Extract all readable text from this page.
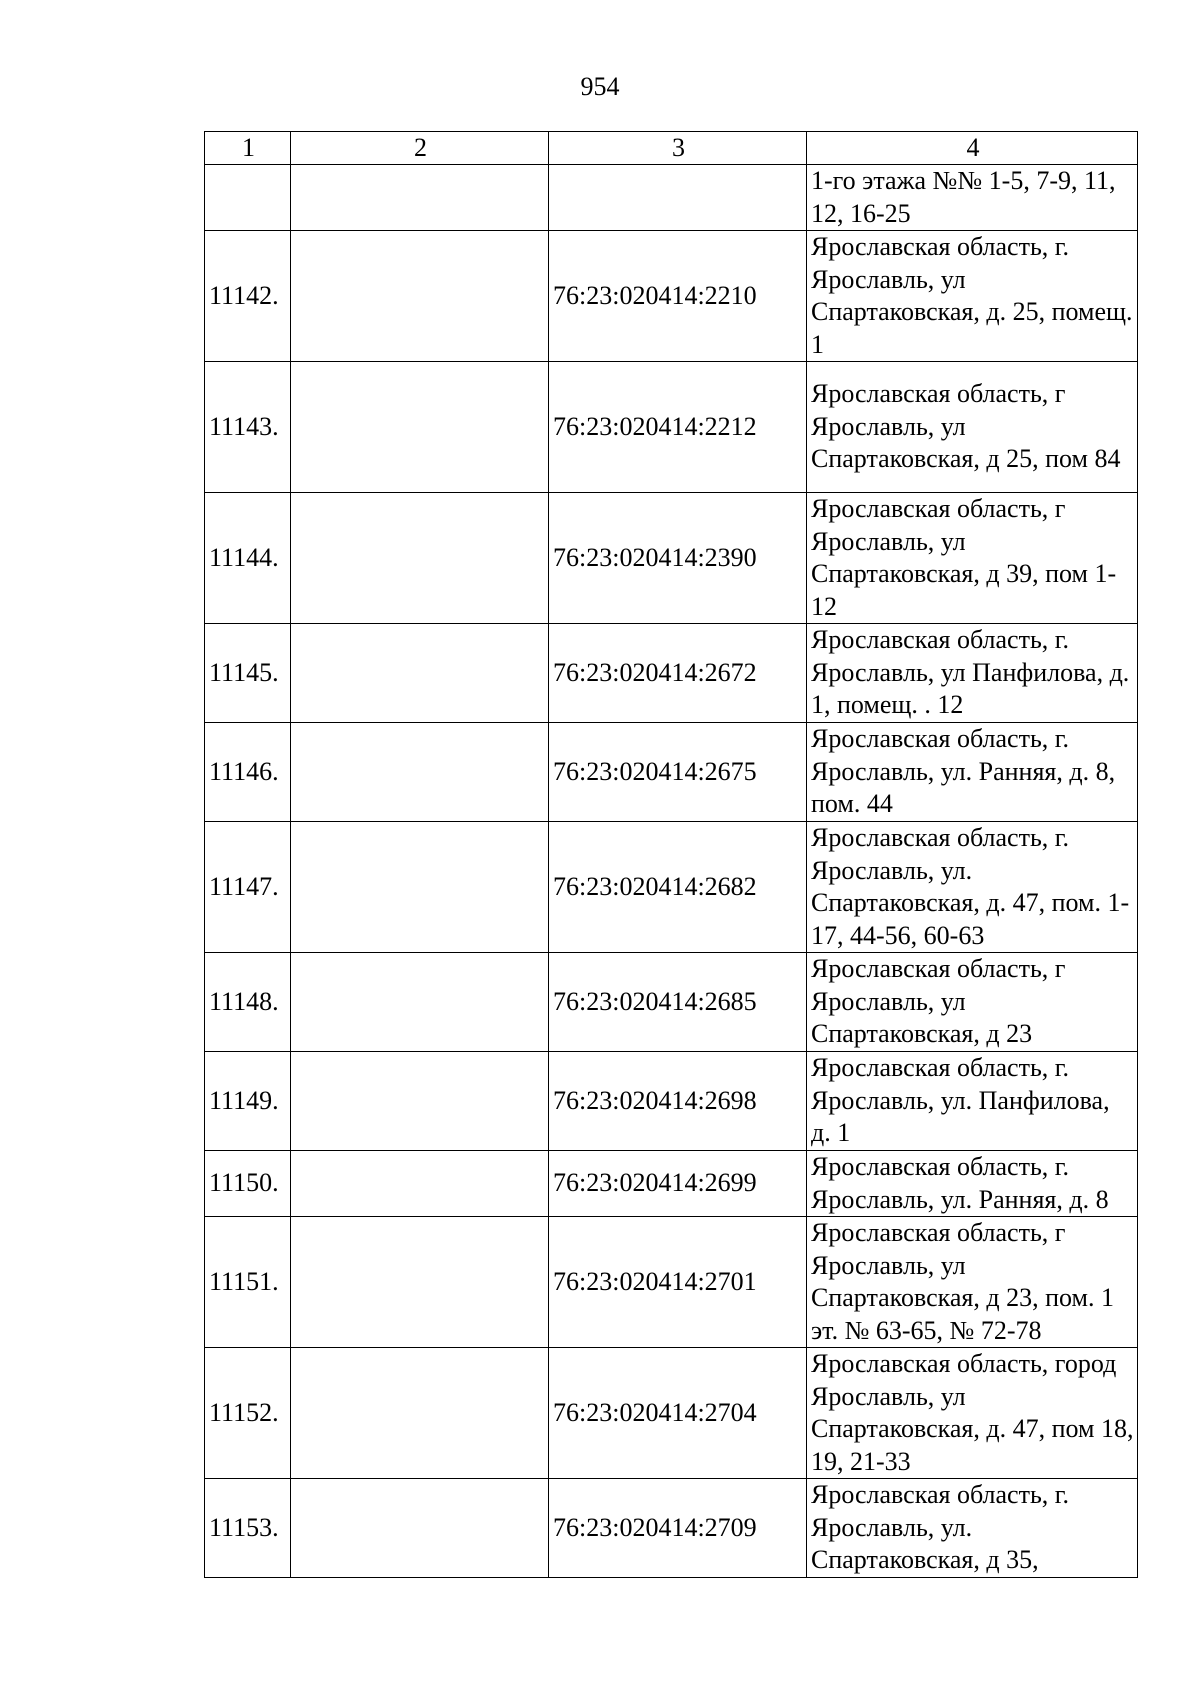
954
1	2	3	4
			1-го этажа №№ 1-5, 7-9, 11, 12, 16-25
11142.		76:23:020414:2210	Ярославская область, г. Ярославль, ул Спартаковская, д. 25, помещ. 1
11143.		76:23:020414:2212	Ярославская область, г Ярославль, ул Спартаковская, д 25, пом 84
11144.		76:23:020414:2390	Ярославская область, г Ярославль, ул Спартаковская, д 39, пом 1-12
11145.		76:23:020414:2672	Ярославская область, г. Ярославль, ул Панфилова, д. 1, помещ. . 12
11146.		76:23:020414:2675	Ярославская область, г. Ярославль, ул. Ранняя, д. 8, пом. 44
11147.		76:23:020414:2682	Ярославская область, г. Ярославль, ул. Спартаковская, д. 47, пом. 1-17, 44-56, 60-63
11148.		76:23:020414:2685	Ярославская область, г Ярославль, ул Спартаковская, д 23
11149.		76:23:020414:2698	Ярославская область, г. Ярославль, ул. Панфилова, д. 1
11150.		76:23:020414:2699	Ярославская область, г. Ярославль, ул. Ранняя, д. 8
11151.		76:23:020414:2701	Ярославская область, г Ярославль, ул Спартаковская, д 23, пом. 1 эт. № 63-65, № 72-78
11152.		76:23:020414:2704	Ярославская область, город Ярославль, ул Спартаковская, д. 47, пом 18, 19, 21-33
11153.		76:23:020414:2709	Ярославская область, г. Ярославль, ул. Спартаковская, д 35,
